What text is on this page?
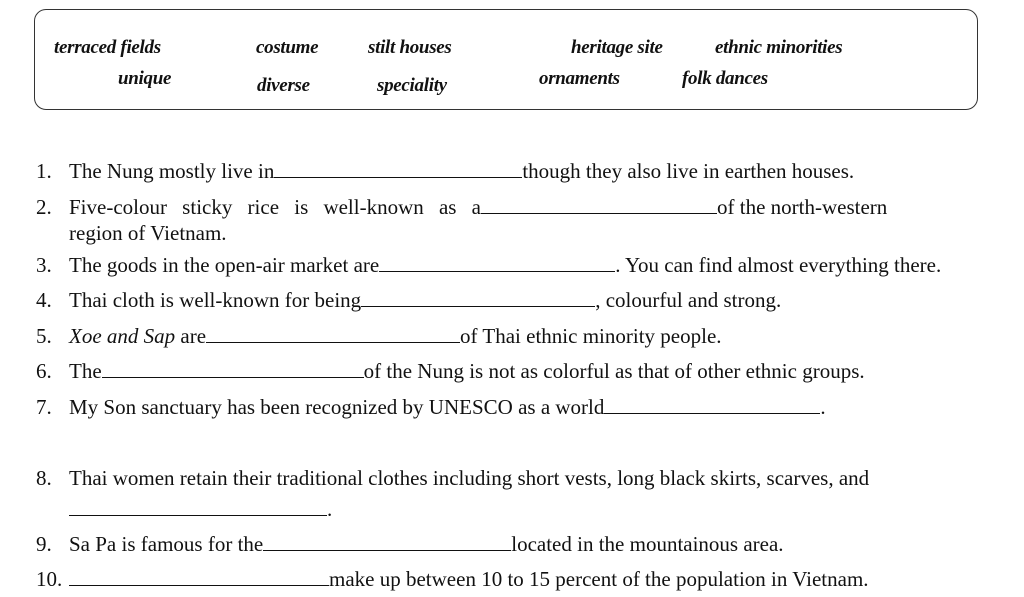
terraced fields	costume	stilt houses	heritage site	ethnic minorities
unique	diverse	speciality	ornaments	folk dances
1. The Nung mostly live in	though they also live in earthen houses.
2. Five-colour sticky rice is well-known as a	of the north-western
region of Vietnam.
3. The goods in the open-air market are	. You can find almost everything there.
4. Thai cloth is well-known for being	, colourful and strong.
5. Xoe and Sap are	of Thai ethnic minority people.
6. The	of the Nung is not as colorful as that of other ethnic groups.
7. My Son sanctuary has been recognized by UNESCO as a world	.
8. Thai women retain their traditional clothes including short vests, long black skirts, scarves, and
.
9. Sa Pa is famous for the	located in the mountainous area.
10.	make up between 10 to 15 percent of the population in Vietnam.
